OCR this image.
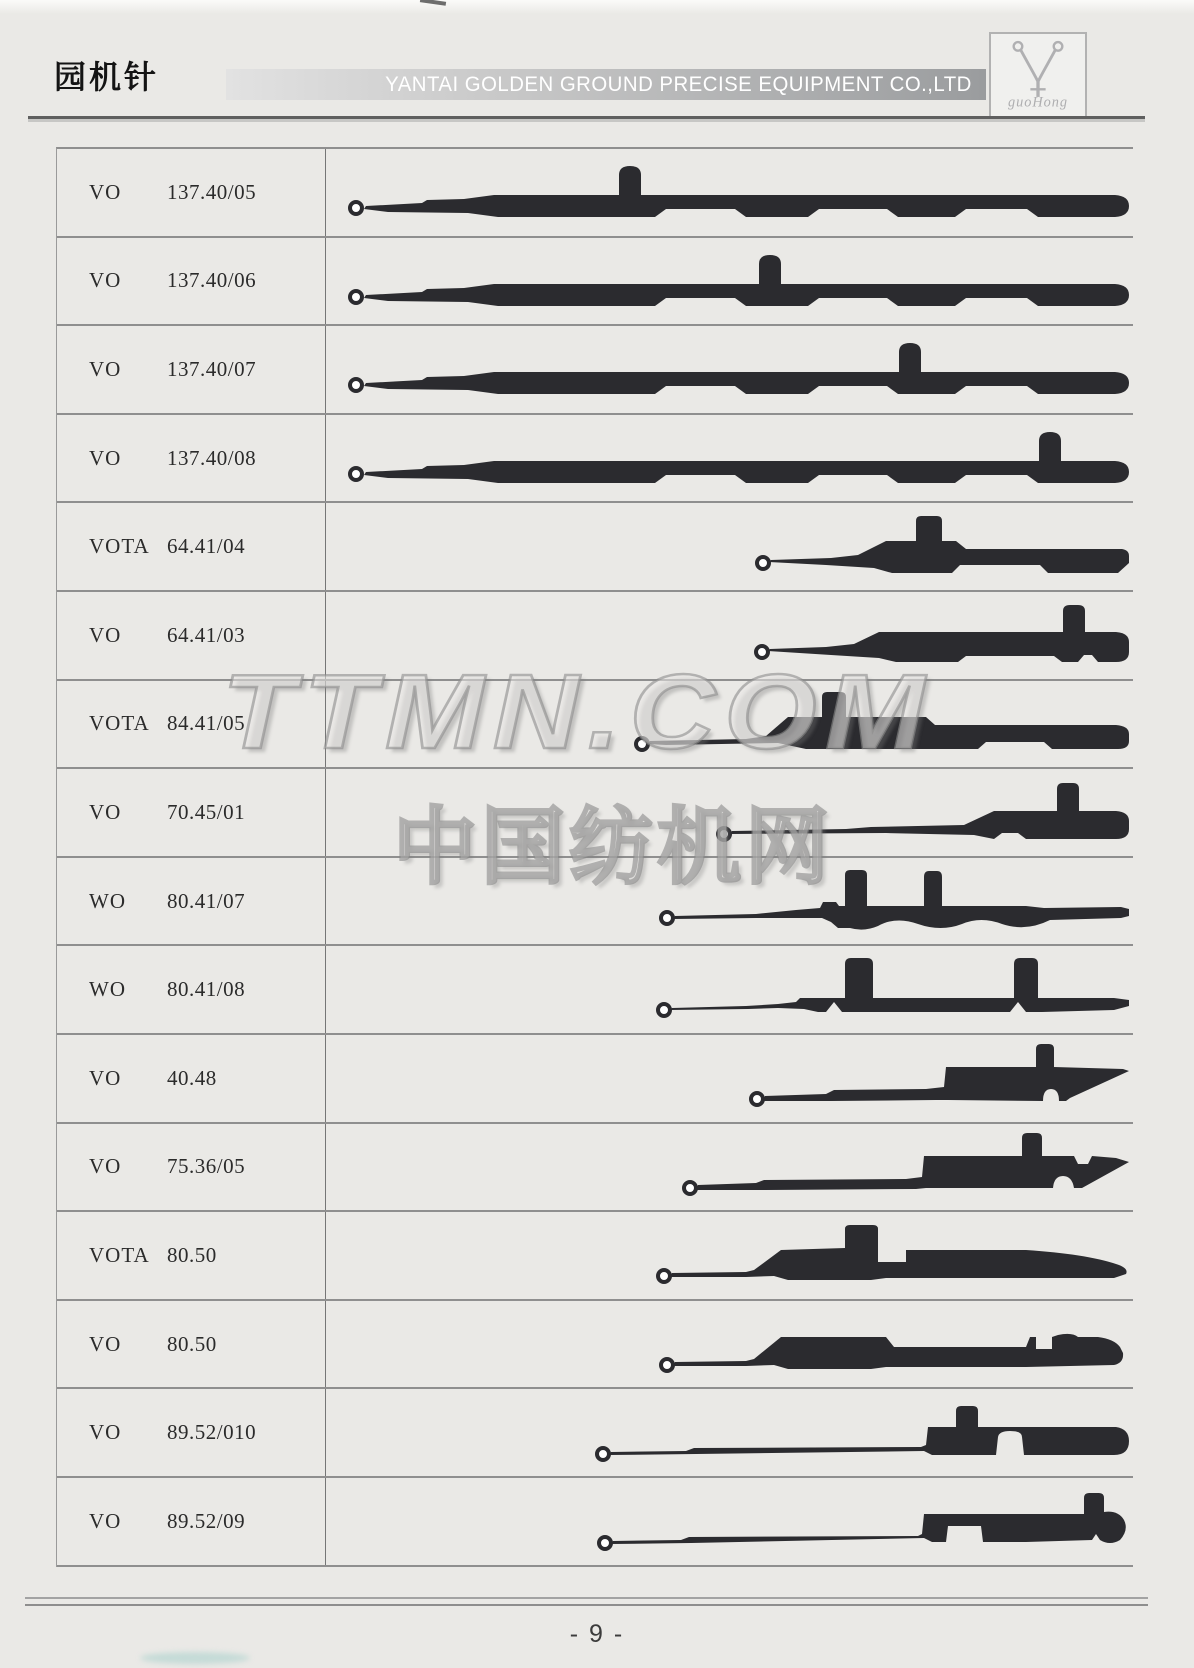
园机针	YANTAI GOLDEN GROUND PRECISE EQUIPMENT CO.,LTD
guoHong
VO	137.40/05
VO	137.40/06
VO	137.40/07
VO	137.40/08
VOTA 64.41/04
VO	64.41/03
VOTA 84.41/05
VO	70.45/01
WO	80.41/07
WO	80.41/08
VO	40.48
VO	75.36/05
VOTA 80.50
VO	80.50
VO	89.52/010
VO	89.52/09
TTMN.COM
中国纺机网
- 9 -
